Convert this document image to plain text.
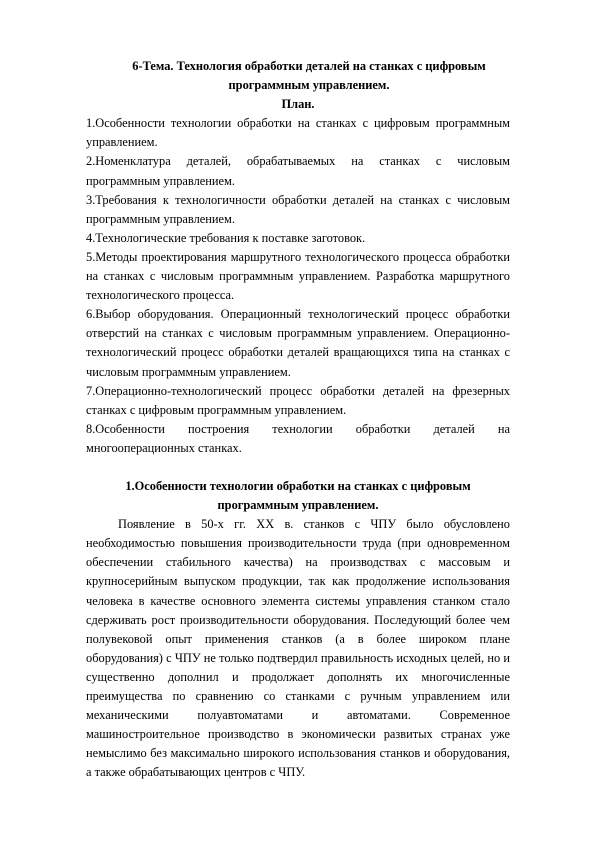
6-Тема. Технология обработки деталей на станках с цифровым программным управлением.

План.

1.Особенности технологии обработки на станках с цифровым программным управлением.
2.Номенклатура деталей, обрабатываемых на станках с числовым программным управлением.
3.Требования к технологичности обработки деталей на станках с числовым программным управлением.
4.Технологические требования к поставке заготовок.
5.Методы проектирования маршрутного технологического процесса обработки на станках с числовым программным управлением. Разработка маршрутного технологического процесса.
6.Выбор оборудования. Операционный технологический процесс обработки отверстий на станках с числовым программным управлением. Операционно-технологический процесс обработки деталей вращающихся типа на станках с числовым программным управлением.
7.Операционно-технологический процесс обработки деталей на фрезерных станках с цифровым программным управлением.
8.Особенности построения технологии обработки деталей на многооперационных станках.

1.Особенности технологии обработки на станках с цифровым программным управлением.

Появление в 50-х гг. XX в. станков с ЧПУ было обусловлено необходимостью повышения производительности труда (при одновременном обеспечении стабильного качества) на производствах с массовым и крупносерийным выпуском продукции, так как продолжение использования человека в качестве основного элемента системы управления станком стало сдерживать рост производительности оборудования. Последующий более чем полувековой опыт применения станков (а в более широком плане оборудования) с ЧПУ не только подтвердил правильность исходных целей, но и существенно дополнил и продолжает дополнять их многочисленные преимущества по сравнению со станками с ручным управлением или механическими полуавтоматами и автоматами. Современное машиностроительное производство в экономически развитых странах уже немыслимо без максимально широкого использования станков и оборудования, а также обрабатывающих центров с ЧПУ.
